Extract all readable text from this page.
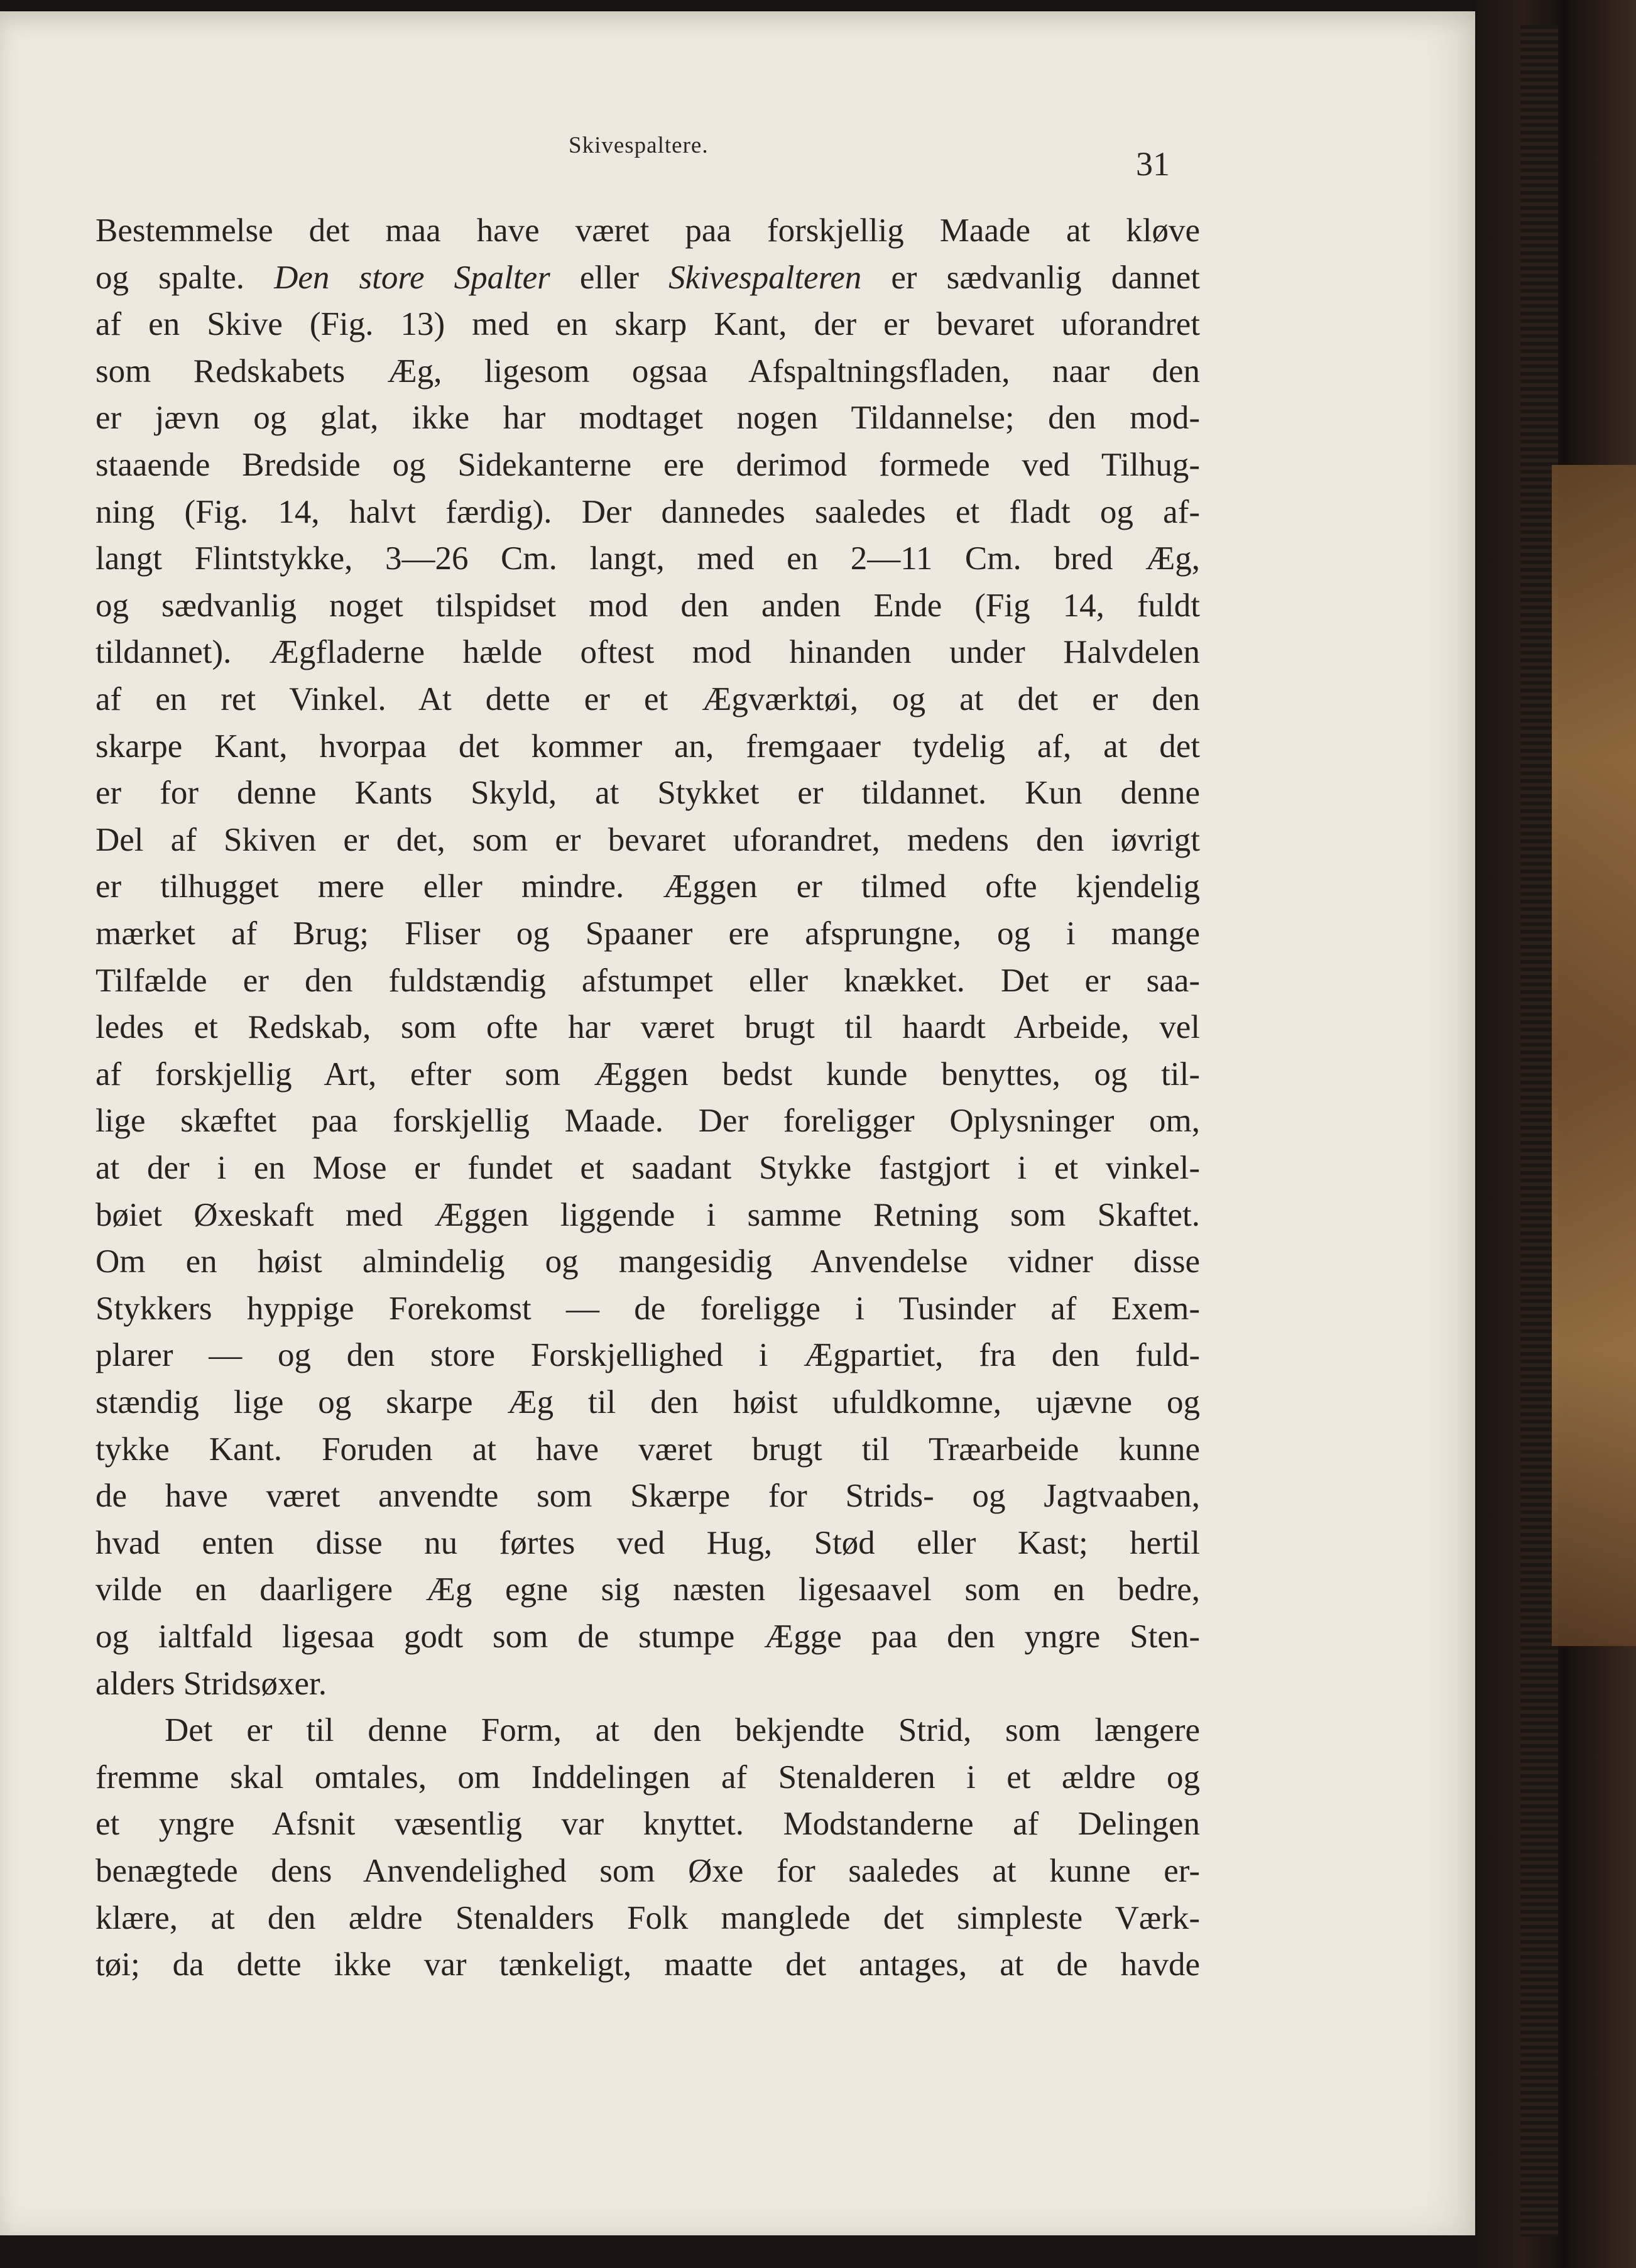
Skivespaltere.	31
Bestemmelse det maa have været paa forskjellig Maade at kløve
og spalte. Den store Spalter eller Skivespalteren er sædvanlig dannet
af en Skive (Fig. 13) med en skarp Kant, der er bevaret uforandret
som Redskabets Æg, ligesom ogsaa Afspaltningsfladen, naar den
er jævn og glat, ikke har modtaget nogen Tildannelse; den mod-
staaende Bredside og Sidekanterne ere derimod formede ved Tilhug-
ning (Fig. 14, halvt færdig). Der dannedes saaledes et fladt og af-
langt Flintstykke, 3—26 Cm. langt, med en 2—11 Cm. bred Æg,
og sædvanlig noget tilspidset mod den anden Ende (Fig 14, fuldt
tildannet). Ægfladerne hælde oftest mod hinanden under Halvdelen
af en ret Vinkel. At dette er et Ægværktøi, og at det er den
skarpe Kant, hvorpaa det kommer an, fremgaaer tydelig af, at det
er for denne Kants Skyld, at Stykket er tildannet. Kun denne
Del af Skiven er det, som er bevaret uforandret, medens den iøvrigt
er tilhugget mere eller mindre. Æggen er tilmed ofte kjendelig
mærket af Brug; Fliser og Spaaner ere afsprungne, og i mange
Tilfælde er den fuldstændig afstumpet eller knækket. Det er saa-
ledes et Redskab, som ofte har været brugt til haardt Arbeide, vel
af forskjellig Art, efter som Æggen bedst kunde benyttes, og til-
lige skæftet paa forskjellig Maade. Der foreligger Oplysninger om,
at der i en Mose er fundet et saadant Stykke fastgjort i et vinkel-
bøiet Øxeskaft med Æggen liggende i samme Retning som Skaftet.
Om en høist almindelig og mangesidig Anvendelse vidner disse
Stykkers hyppige Forekomst — de foreligge i Tusinder af Exem-
plarer — og den store Forskjellighed i Ægpartiet, fra den fuld-
stændig lige og skarpe Æg til den høist ufuldkomne, ujævne og
tykke Kant. Foruden at have været brugt til Træarbeide kunne
de have været anvendte som Skærpe for Strids- og Jagtvaaben,
hvad enten disse nu førtes ved Hug, Stød eller Kast; hertil
vilde en daarligere Æg egne sig næsten ligesaavel som en bedre,
og ialtfald ligesaa godt som de stumpe Ægge paa den yngre Sten-
alders Stridsøxer.
Det er til denne Form, at den bekjendte Strid, som længere
fremme skal omtales, om Inddelingen af Stenalderen i et ældre og
et yngre Afsnit væsentlig var knyttet. Modstanderne af Delingen
benægtede dens Anvendelighed som Øxe for saaledes at kunne er-
klære, at den ældre Stenalders Folk manglede det simpleste Værk-
tøi; da dette ikke var tænkeligt, maatte det antages, at de havde
